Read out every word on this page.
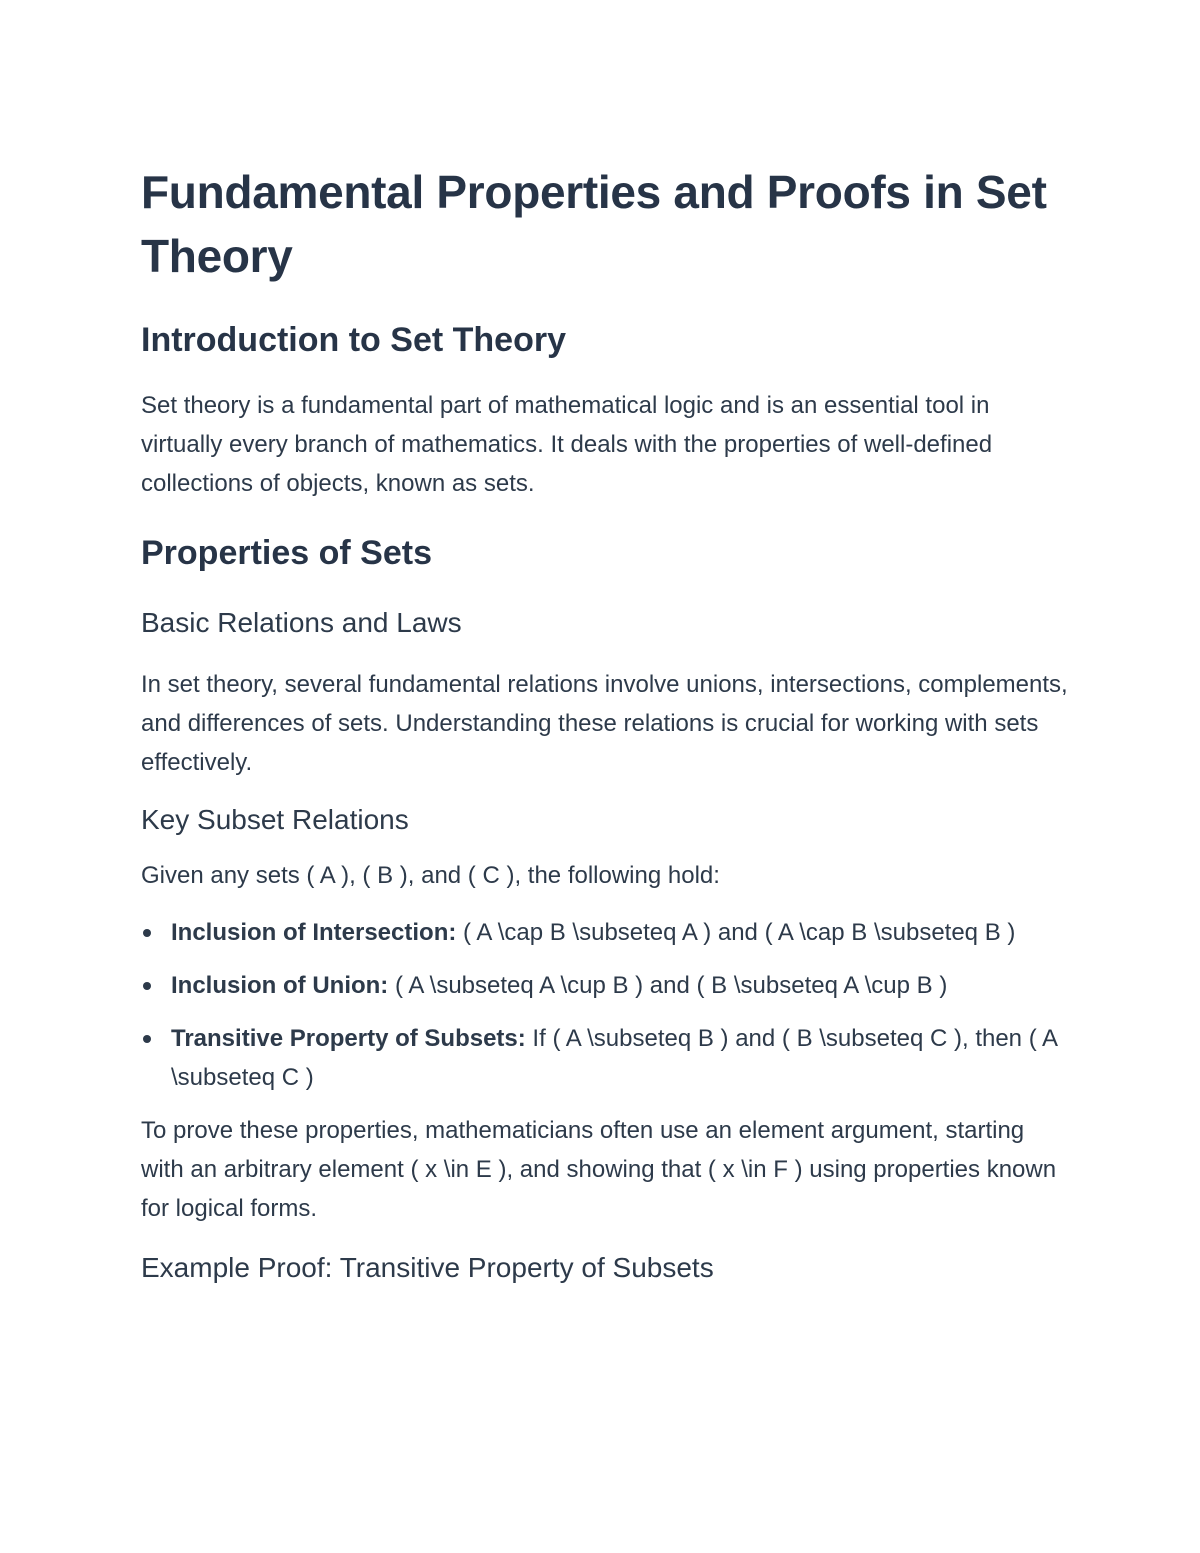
Fundamental Properties and Proofs in Set Theory
Introduction to Set Theory

Set theory is a fundamental part of mathematical logic and is an essential tool in virtually every branch of mathematics. It deals with the properties of well-defined collections of objects, known as sets.

Properties of Sets
Basic Relations and Laws

In set theory, several fundamental relations involve unions, intersections, complements, and differences of sets. Understanding these relations is crucial for working with sets effectively.

Key Subset Relations

Given any sets ( A ), ( B ), and ( C ), the following hold:

Inclusion of Intersection: ( A \cap B \subseteq A ) and ( A \cap B \subseteq B )
Inclusion of Union: ( A \subseteq A \cup B ) and ( B \subseteq A \cup B )
Transitive Property of Subsets: If ( A \subseteq B ) and ( B \subseteq C ), then ( A \subseteq C )

To prove these properties, mathematicians often use an element argument, starting with an arbitrary element ( x \in E ), and showing that ( x \in F ) using properties known for logical forms.

Example Proof: Transitive Property of Subsets
